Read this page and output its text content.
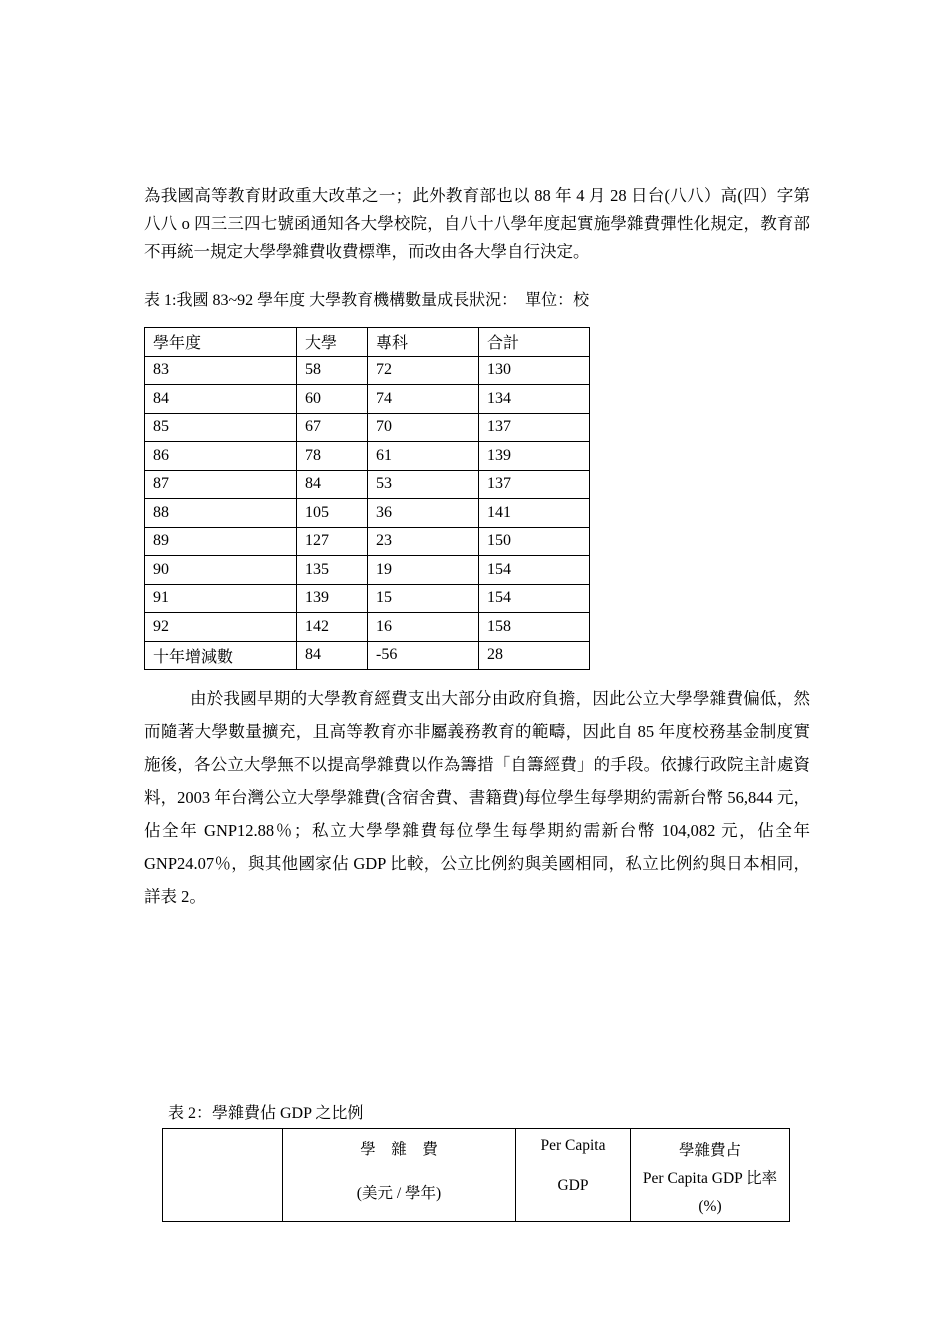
為我國高等教育財政重大改革之一；此外教育部也以 88 年 4 月 28 日台(八八）高(四）字第八八 o 四三三四七號函通知各大學校院，自八十八學年度起實施學雜費彈性化規定，教育部不再統一規定大學學雜費收費標準，而改由各大學自行決定。

表 1:我國 83~92 學年度 大學教育機構數量成長狀況：　單位：校

學年度	大學	專科	合計
83	58	72	130
84	60	74	134
85	67	70	137
86	78	61	139
87	84	53	137
88	105	36	141
89	127	23	150
90	135	19	154
91	139	15	154
92	142	16	158
十年增減數	84	-56	28

由於我國早期的大學教育經費支出大部分由政府負擔，因此公立大學學雜費偏低，然而隨著大學數量擴充，且高等教育亦非屬義務教育的範疇，因此自 85 年度校務基金制度實施後，各公立大學無不以提高學雜費以作為籌措「自籌經費」的手段。依據行政院主計處資料，2003 年台灣公立大學學雜費(含宿舍費、書籍費)每位學生每學期約需新台幣 56,844 元，佔全年 GNP12.88％；私立大學學雜費每位學生每學期約需新台幣 104,082 元，佔全年 GNP24.07％，與其他國家佔 GDP 比較，公立比例約與美國相同，私立比例約與日本相同，詳表 2。

表 2：學雜費佔 GDP 之比例

學　雜　費
(美元 / 學年)

Per Capita
GDP

學雜費占
Per Capita GDP 比率
(%)
